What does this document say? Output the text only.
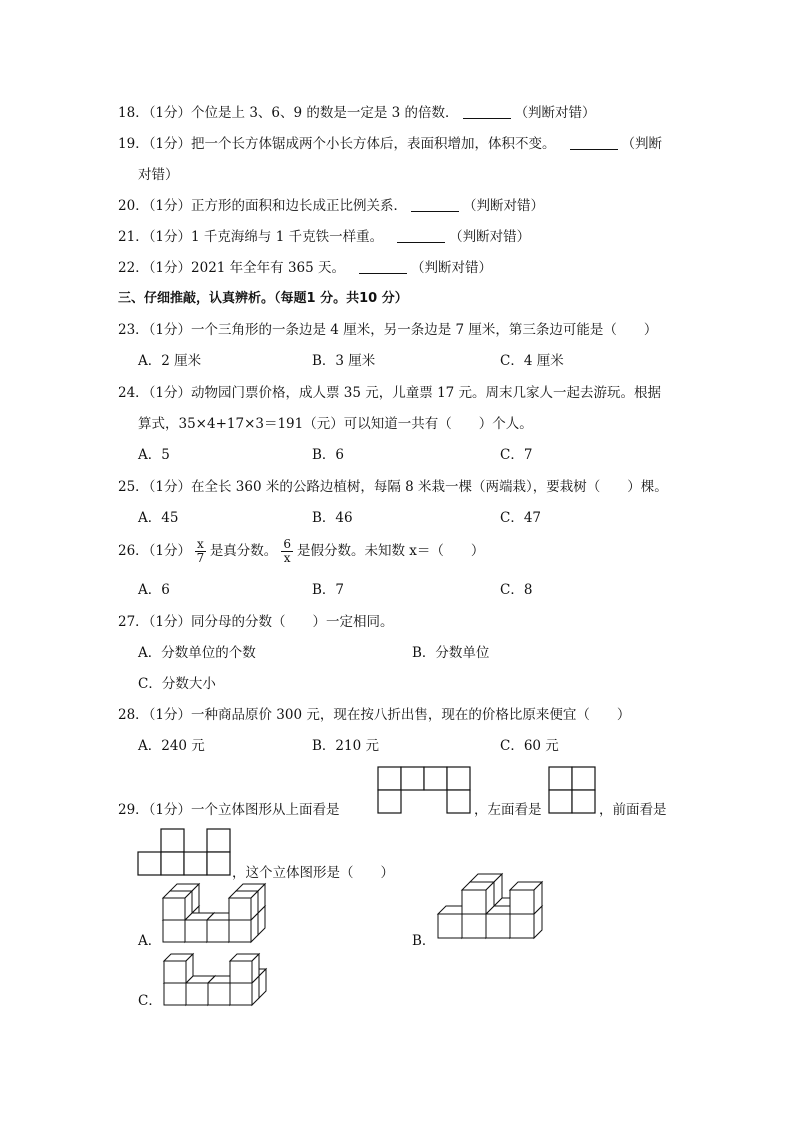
18．（1分）个位是上 3、6、9 的数是一定是 3 的倍数．	（判断对错）
19．（1分）把一个长方体锯成两个小长方体后，表面积增加，体积不变。	（判断
对错）
20．（1分）正方形的面积和边长成正比例关系．	（判断对错）
21．（1分）1 千克海绵与 1 千克铁一样重。	（判断对错）
22．（1分）2021 年全年有 365 天。	（判断对错）
三、仔细推敲，认真辨析。（每题1 分。共10 分）
23．（1分）一个三角形的一条边是 4 厘米，另一条边是 7 厘米，第三条边可能是（　　）
A．2 厘米	B．3 厘米	C．4 厘米
24．（1分）动物园门票价格，成人票 35 元，儿童票 17 元。周末几家人一起去游玩。根据
算式，35×4+17×3＝191（元）可以知道一共有（　　）个人。
A．5	B．6	C．7
25．（1分）在全长 360 米的公路边植树，每隔 8 米栽一棵（两端栽），要栽树（　　）棵。
A．45	B．46	C．47
26．（1分） $\frac{x}{7}$ 是真分数。 $\frac{6}{x}$ 是假分数。未知数 x＝（　　）
A．6	B．7	C．8
27．（1分）同分母的分数（　　）一定相同。
A．分数单位的个数	B．分数单位
C．分数大小
28．（1分）一种商品原价 300 元，现在按八折出售，现在的价格比原来便宜（　　）
A．240 元	B．210 元	C．60 元
29．（1分）一个立体图形从上面看是	，左面看是	，前面看是
，这个立体图形是（　　）
A．	B．
C．
